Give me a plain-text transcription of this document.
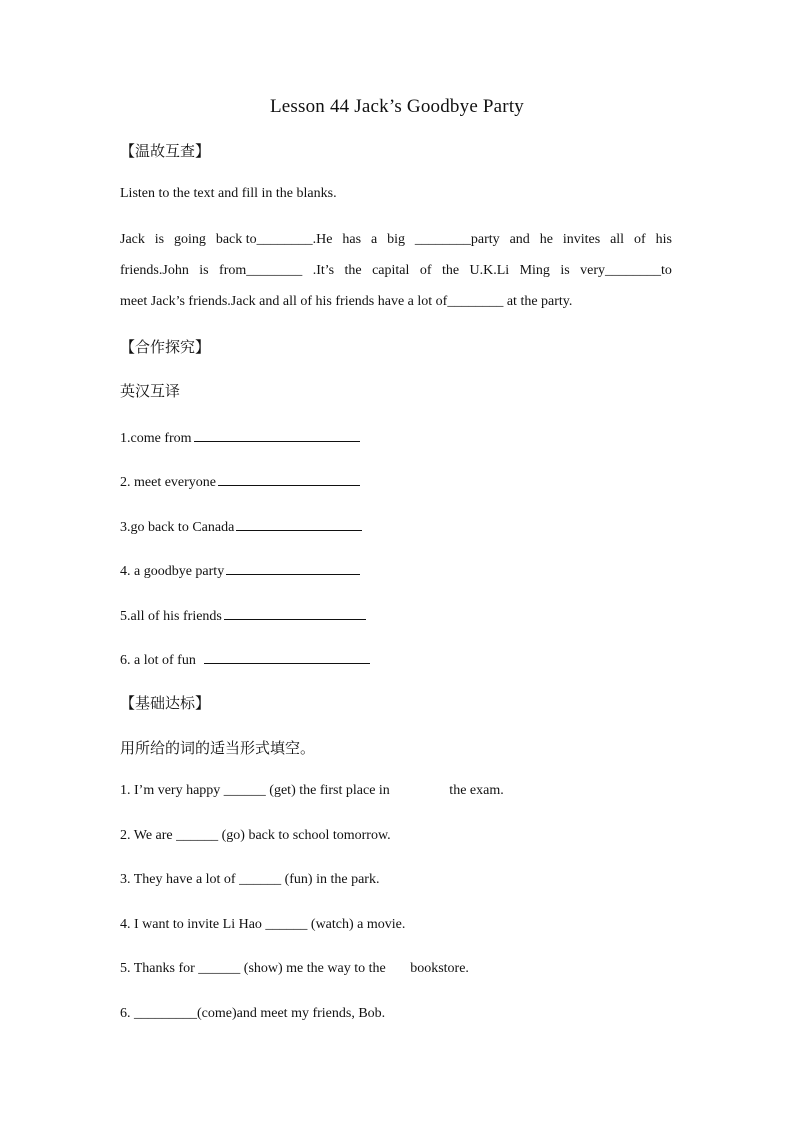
Lesson 44 Jack’s Goodbye Party
【温故互查】
Listen to the text and fill in the blanks.
Jack is going back to________.He has a big ________party and he invites all of his
friends.John is from________ .It’s the capital of the U.K.Li Ming is very________to
meet Jack’s friends.Jack and all of his friends have a lot of________ at the party.
【合作探究】
英汉互译
1.come from
2. meet everyone
3.go back to Canada
4. a goodbye party
5.all of his friends
6. a lot of fun
【基础达标】
用所给的词的适当形式填空。
1. I’m very happy ______ (get) the first place in                 the exam.
2. We are ______ (go) back to school tomorrow.
3. They have a lot of ______ (fun) in the park.
4. I want to invite Li Hao ______ (watch) a movie.
5. Thanks for ______ (show) me the way to the       bookstore.
6. _________(come)and meet my friends, Bob.
